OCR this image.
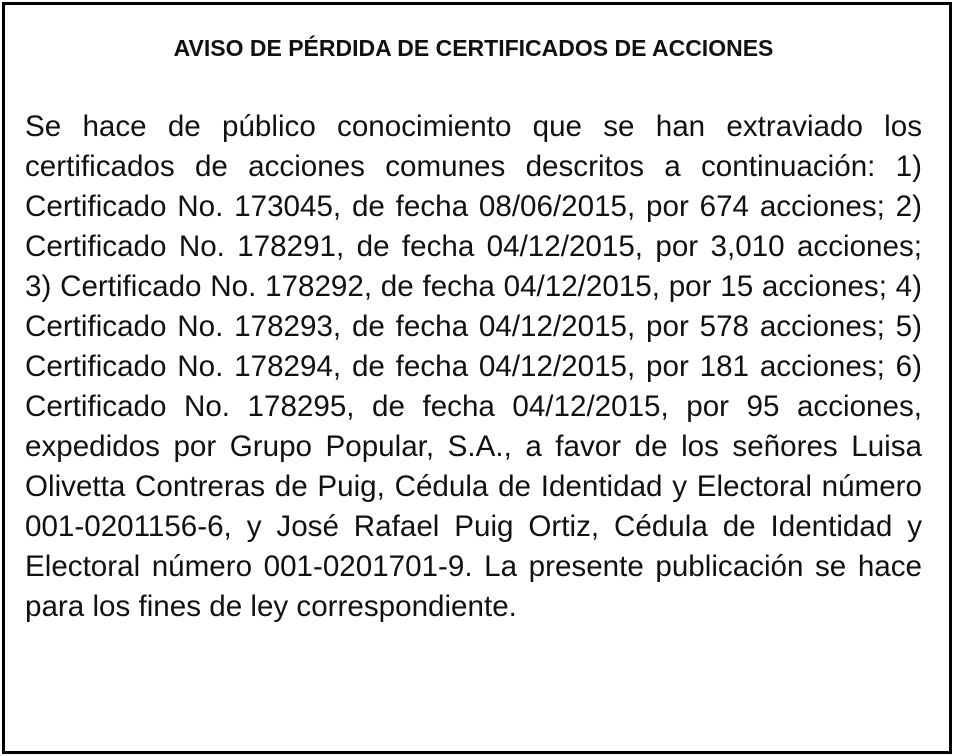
AVISO DE PÉRDIDA DE CERTIFICADOS DE ACCIONES

Se hace de público conocimiento que se han extraviado los certificados de acciones comunes descritos a continuación: 1) Certificado No. 173045, de fecha 08/06/2015, por 674 acciones; 2) Certificado No. 178291, de fecha 04/12/2015, por 3,010 acciones; 3) Certificado No. 178292, de fecha 04/12/2015, por 15 acciones; 4) Certificado No. 178293, de fecha 04/12/2015, por 578 acciones; 5) Certificado No. 178294, de fecha 04/12/2015, por 181 acciones; 6) Certificado No. 178295, de fecha 04/12/2015, por 95 acciones, expedidos por Grupo Popular, S.A., a favor de los señores Luisa Olivetta Contreras de Puig, Cédula de Identidad y Electoral número 001-0201156-6, y José Rafael Puig Ortiz, Cédula de Identidad y Electoral número 001-0201701-9. La presente publicación se hace para los fines de ley correspondiente.
